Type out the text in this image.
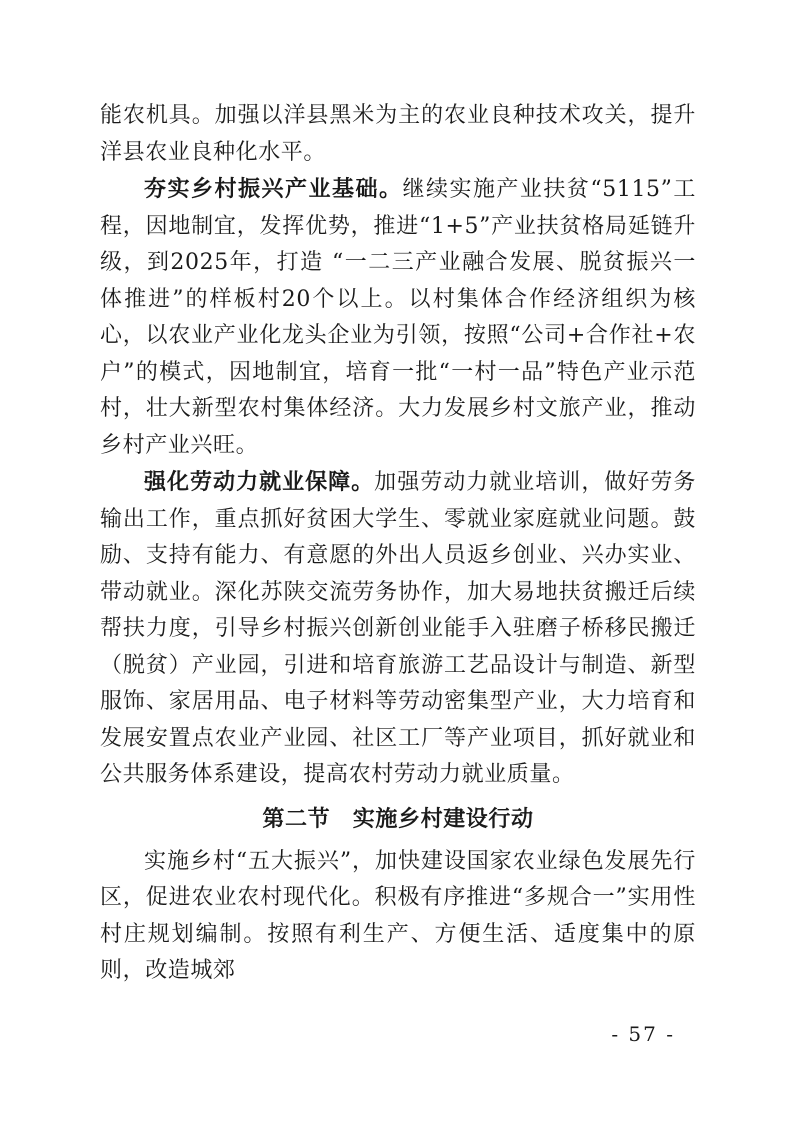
能农机具。加强以洋县黑米为主的农业良种技术攻关，提升洋县农业良种化水平。

夯实乡村振兴产业基础。继续实施产业扶贫“5115”工程，因地制宜，发挥优势，推进“1+5”产业扶贫格局延链升级，到2025年，打造 “一二三产业融合发展、脱贫振兴一体推进”的样板村20个以上。以村集体合作经济组织为核心，以农业产业化龙头企业为引领，按照“公司+合作社+农户”的模式，因地制宜，培育一批“一村一品”特色产业示范村，壮大新型农村集体经济。大力发展乡村文旅产业，推动乡村产业兴旺。

强化劳动力就业保障。加强劳动力就业培训，做好劳务输出工作，重点抓好贫困大学生、零就业家庭就业问题。鼓励、支持有能力、有意愿的外出人员返乡创业、兴办实业、带动就业。深化苏陕交流劳务协作，加大易地扶贫搬迁后续帮扶力度，引导乡村振兴创新创业能手入驻磨子桥移民搬迁（脱贫）产业园，引进和培育旅游工艺品设计与制造、新型服饰、家居用品、电子材料等劳动密集型产业，大力培育和发展安置点农业产业园、社区工厂等产业项目，抓好就业和公共服务体系建设，提高农村劳动力就业质量。

第二节　实施乡村建设行动

实施乡村“五大振兴”，加快建设国家农业绿色发展先行区，促进农业农村现代化。积极有序推进“多规合一”实用性村庄规划编制。按照有利生产、方便生活、适度集中的原则，改造城郊

- 57 -
